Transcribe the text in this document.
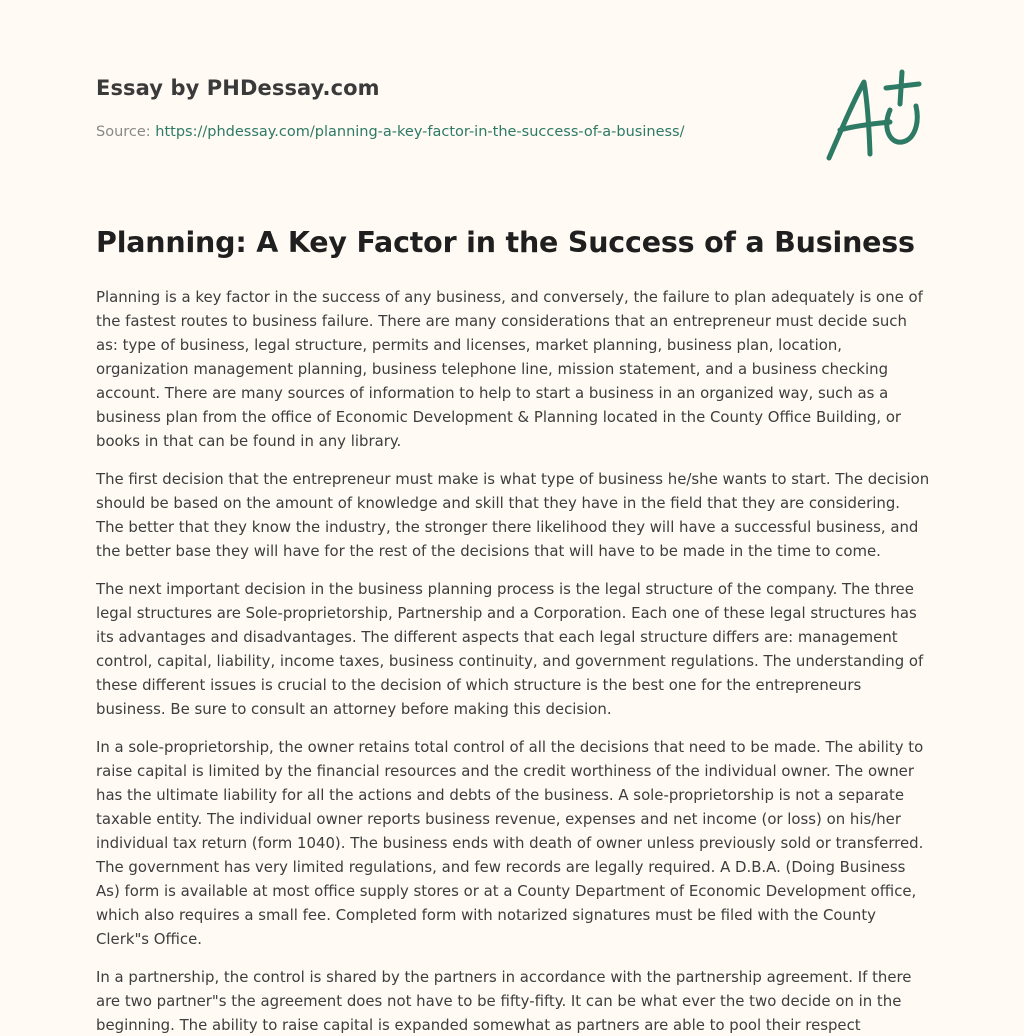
Essay by PHDessay.com
Source: https://phdessay.com/planning-a-key-factor-in-the-success-of-a-business/
Planning: A Key Factor in the Success of a Business

Planning is a key factor in the success of any business, and conversely, the failure to plan adequately is one of the fastest routes to business failure. There are many considerations that an entrepreneur must decide such as: type of business, legal structure, permits and licenses, market planning, business plan, location, organization management planning, business telephone line, mission statement, and a business checking account. There are many sources of information to help to start a business in an organized way, such as a business plan from the office of Economic Development & Planning located in the County Office Building, or books in that can be found in any library.

The first decision that the entrepreneur must make is what type of business he/she wants to start. The decision should be based on the amount of knowledge and skill that they have in the field that they are considering. The better that they know the industry, the stronger there likelihood they will have a successful business, and the better base they will have for the rest of the decisions that will have to be made in the time to come.

The next important decision in the business planning process is the legal structure of the company. The three legal structures are Sole-proprietorship, Partnership and a Corporation. Each one of these legal structures has its advantages and disadvantages. The different aspects that each legal structure differs are: management control, capital, liability, income taxes, business continuity, and government regulations. The understanding of these different issues is crucial to the decision of which structure is the best one for the entrepreneurs business. Be sure to consult an attorney before making this decision.

In a sole-proprietorship, the owner retains total control of all the decisions that need to be made. The ability to raise capital is limited by the financial resources and the credit worthiness of the individual owner. The owner has the ultimate liability for all the actions and debts of the business. A sole-proprietorship is not a separate taxable entity. The individual owner reports business revenue, expenses and net income (or loss) on his/her individual tax return (form 1040). The business ends with death of owner unless previously sold or transferred. The government has very limited regulations, and few records are legally required. A D.B.A. (Doing Business As) form is available at most office supply stores or at a County Department of Economic Development office, which also requires a small fee. Completed form with notarized signatures must be filed with the County Clerk"s Office.

In a partnership, the control is shared by the partners in accordance with the partnership agreement. If there are two partner"s the agreement does not have to be fifty-fifty. It can be what ever the two decide on in the beginning. The ability to raise capital is expanded somewhat as partners are able to pool their respect
